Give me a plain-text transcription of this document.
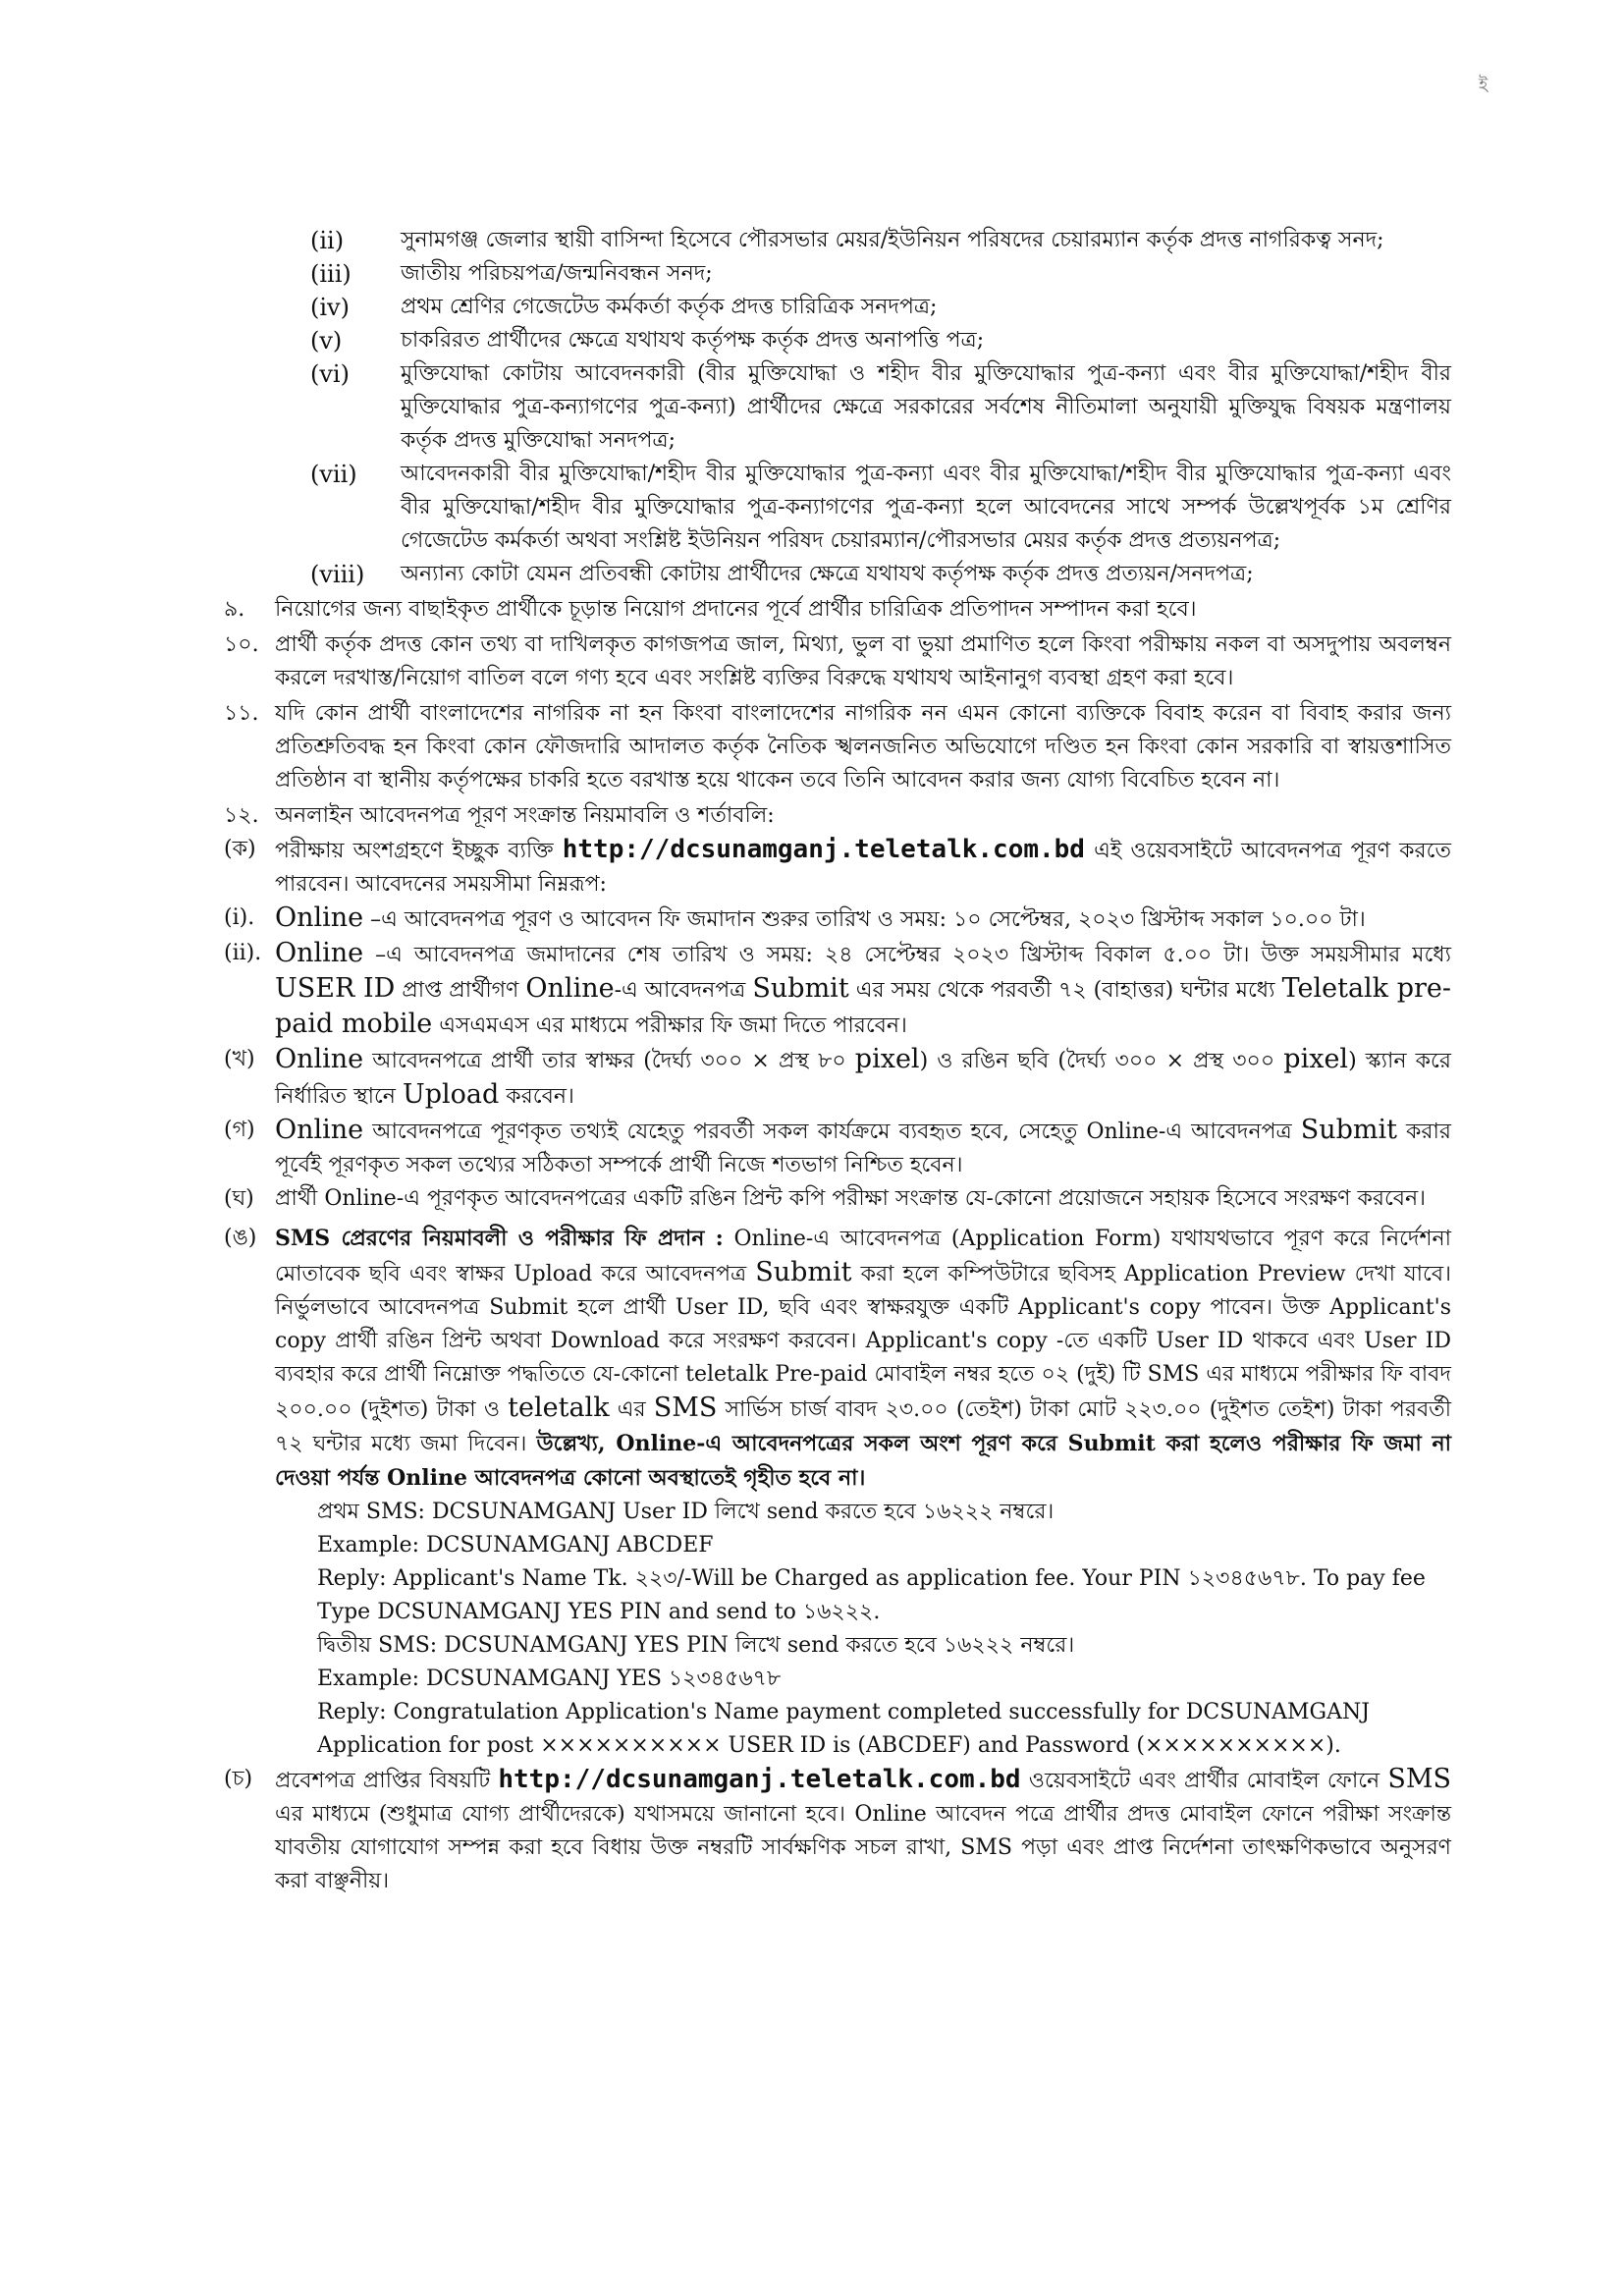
ই
(ii)	সুনামগঞ্জ জেলার স্থায়ী বাসিন্দা হিসেবে পৌরসভার মেয়র/ইউনিয়ন পরিষদের চেয়ারম্যান কর্তৃক প্রদত্ত নাগরিকত্ব সনদ;
(iii)	জাতীয় পরিচয়পত্র/জন্মনিবন্ধন সনদ;
(iv)	প্রথম শ্রেণির গেজেটেড কর্মকর্তা কর্তৃক প্রদত্ত চারিত্রিক সনদপত্র;
(v)	চাকরিরত প্রার্থীদের ক্ষেত্রে যথাযথ কর্তৃপক্ষ কর্তৃক প্রদত্ত অনাপত্তি পত্র;
(vi)	মুক্তিযোদ্ধা কোটায় আবেদনকারী (বীর মুক্তিযোদ্ধা ও শহীদ বীর মুক্তিযোদ্ধার পুত্র-কন্যা এবং বীর মুক্তিযোদ্ধা/শহীদ বীর মুক্তিযোদ্ধার পুত্র-কন্যাগণের পুত্র-কন্যা) প্রার্থীদের ক্ষেত্রে সরকারের সর্বশেষ নীতিমালা অনুযায়ী মুক্তিযুদ্ধ বিষয়ক মন্ত্রণালয় কর্তৃক প্রদত্ত মুক্তিযোদ্ধা সনদপত্র;
(vii)	আবেদনকারী বীর মুক্তিযোদ্ধা/শহীদ বীর মুক্তিযোদ্ধার পুত্র-কন্যা এবং বীর মুক্তিযোদ্ধা/শহীদ বীর মুক্তিযোদ্ধার পুত্র-কন্যা এবং বীর মুক্তিযোদ্ধা/শহীদ বীর মুক্তিযোদ্ধার পুত্র-কন্যাগণের পুত্র-কন্যা হলে আবেদনের সাথে সম্পর্ক উল্লেখপূর্বক ১ম শ্রেণির গেজেটেড কর্মকর্তা অথবা সংশ্লিষ্ট ইউনিয়ন পরিষদ চেয়ারম্যান/পৌরসভার মেয়র কর্তৃক প্রদত্ত প্রত্যয়নপত্র;
(viii)	অন্যান্য কোটা যেমন প্রতিবন্ধী কোটায় প্রার্থীদের ক্ষেত্রে যথাযথ কর্তৃপক্ষ কর্তৃক প্রদত্ত প্রত্যয়ন/সনদপত্র;
৯.	নিয়োগের জন্য বাছাইকৃত প্রার্থীকে চূড়ান্ত নিয়োগ প্রদানের পূর্বে প্রার্থীর চারিত্রিক প্রতিপাদন সম্পাদন করা হবে।
১০. প্রার্থী কর্তৃক প্রদত্ত কোন তথ্য বা দাখিলকৃত কাগজপত্র জাল, মিথ্যা, ভুল বা ভুয়া প্রমাণিত হলে কিংবা পরীক্ষায় নকল বা অসদুপায় অবলম্বন করলে দরখাস্ত/নিয়োগ বাতিল বলে গণ্য হবে এবং সংশ্লিষ্ট ব্যক্তির বিরুদ্ধে যথাযথ আইনানুগ ব্যবস্থা গ্রহণ করা হবে।
১১. যদি কোন প্রার্থী বাংলাদেশের নাগরিক না হন কিংবা বাংলাদেশের নাগরিক নন এমন কোনো ব্যক্তিকে বিবাহ করেন বা বিবাহ করার জন্য প্রতিশ্রুতিবদ্ধ হন কিংবা কোন ফৌজদারি আদালত কর্তৃক নৈতিক স্খলনজনিত অভিযোগে দণ্ডিত হন কিংবা কোন সরকারি বা স্বায়ত্তশাসিত প্রতিষ্ঠান বা স্থানীয় কর্তৃপক্ষের চাকরি হতে বরখাস্ত হয়ে থাকেন তবে তিনি আবেদন করার জন্য যোগ্য বিবেচিত হবেন না।
১২. অনলাইন আবেদনপত্র পূরণ সংক্রান্ত নিয়মাবলি ও শর্তাবলি:
(ক) পরীক্ষায় অংশগ্রহণে ইচ্ছুক ব্যক্তি http://dcsunamganj.teletalk.com.bd এই ওয়েবসাইটে আবেদনপত্র পূরণ করতে পারবেন। আবেদনের সময়সীমা নিম্নরূপ:
(i). Online –এ আবেদনপত্র পূরণ ও আবেদন ফি জমাদান শুরুর তারিখ ও সময়: ১০ সেপ্টেম্বর, ২০২৩ খ্রিস্টাব্দ সকাল ১০.০০ টা।
(ii). Online –এ আবেদনপত্র জমাদানের শেষ তারিখ ও সময়: ২৪ সেপ্টেম্বর ২০২৩ খ্রিস্টাব্দ বিকাল ৫.০০ টা। উক্ত সময়সীমার মধ্যে USER ID প্রাপ্ত প্রার্থীগণ Online-এ আবেদনপত্র Submit এর সময় থেকে পরবর্তী ৭২ (বাহাত্তর) ঘন্টার মধ্যে Teletalk pre-paid mobile এসএমএস এর মাধ্যমে পরীক্ষার ফি জমা দিতে পারবেন।
(খ) Online আবেদনপত্রে প্রার্থী তার স্বাক্ষর (দৈর্ঘ্য ৩০০ × প্রস্থ ৮০ pixel) ও রঙিন ছবি (দৈর্ঘ্য ৩০০ × প্রস্থ ৩০০ pixel) স্ক্যান করে নির্ধারিত স্থানে Upload করবেন।
(গ) Online আবেদনপত্রে পূরণকৃত তথ্যই যেহেতু পরবর্তী সকল কার্যক্রমে ব্যবহৃত হবে, সেহেতু Online-এ আবেদনপত্র Submit করার পূর্বেই পূরণকৃত সকল তথ্যের সঠিকতা সম্পর্কে প্রার্থী নিজে শতভাগ নিশ্চিত হবেন।
(ঘ) প্রার্থী Online-এ পূরণকৃত আবেদনপত্রের একটি রঙিন প্রিন্ট কপি পরীক্ষা সংক্রান্ত যে-কোনো প্রয়োজনে সহায়ক হিসেবে সংরক্ষণ করবেন।
(ঙ) SMS প্রেরণের নিয়মাবলী ও পরীক্ষার ফি প্রদান : Online-এ আবেদনপত্র (Application Form) যথাযথভাবে পূরণ করে নির্দেশনা মোতাবেক ছবি এবং স্বাক্ষর Upload করে আবেদনপত্র Submit করা হলে কম্পিউটারে ছবিসহ Application Preview দেখা যাবে। নির্ভুলভাবে আবেদনপত্র Submit হলে প্রার্থী User ID, ছবি এবং স্বাক্ষরযুক্ত একটি Applicant's copy পাবেন। উক্ত Applicant's copy প্রার্থী রঙিন প্রিন্ট অথবা Download করে সংরক্ষণ করবেন। Applicant's copy -তে একটি User ID থাকবে এবং User ID ব্যবহার করে প্রার্থী নিম্নোক্ত পদ্ধতিতে যে-কোনো teletalk Pre-paid মোবাইল নম্বর হতে ০২ (দুই) টি SMS এর মাধ্যমে পরীক্ষার ফি বাবদ ২০০.০০ (দুইশত) টাকা ও teletalk এর SMS সার্ভিস চার্জ বাবদ ২৩.০০ (তেইশ) টাকা মোট ২২৩.০০ (দুইশত তেইশ) টাকা পরবর্তী ৭২ ঘন্টার মধ্যে জমা দিবেন। উল্লেখ্য, Online-এ আবেদনপত্রের সকল অংশ পূরণ করে Submit করা হলেও পরীক্ষার ফি জমা না দেওয়া পর্যন্ত Online আবেদনপত্র কোনো অবস্থাতেই গৃহীত হবে না।
প্রথম SMS: DCSUNAMGANJ User ID লিখে send করতে হবে ১৬২২২ নম্বরে।
Example: DCSUNAMGANJ ABCDEF
Reply: Applicant's Name Tk. ২২৩/-Will be Charged as application fee. Your PIN ১২৩৪৫৬৭৮. To pay fee Type DCSUNAMGANJ YES PIN and send to ১৬২২২.
দ্বিতীয় SMS: DCSUNAMGANJ YES PIN লিখে send করতে হবে ১৬২২২ নম্বরে।
Example: DCSUNAMGANJ YES ১২৩৪৫৬৭৮
Reply: Congratulation Application's Name payment completed successfully for DCSUNAMGANJ Application for post ×××××××××× USER ID is (ABCDEF) and Password (××××××××××).
(চ)	প্রবেশপত্র প্রাপ্তির বিষয়টি http://dcsunamganj.teletalk.com.bd ওয়েবসাইটে এবং প্রার্থীর মোবাইল ফোনে SMS এর মাধ্যমে (শুধুমাত্র যোগ্য প্রার্থীদেরকে) যথাসময়ে জানানো হবে। Online আবেদন পত্রে প্রার্থীর প্রদত্ত মোবাইল ফোনে পরীক্ষা সংক্রান্ত যাবতীয় যোগাযোগ সম্পন্ন করা হবে বিধায় উক্ত নম্বরটি সার্বক্ষণিক সচল রাখা, SMS পড়া এবং প্রাপ্ত নির্দেশনা তাৎক্ষণিকভাবে অনুসরণ করা বাঞ্ছনীয়।
